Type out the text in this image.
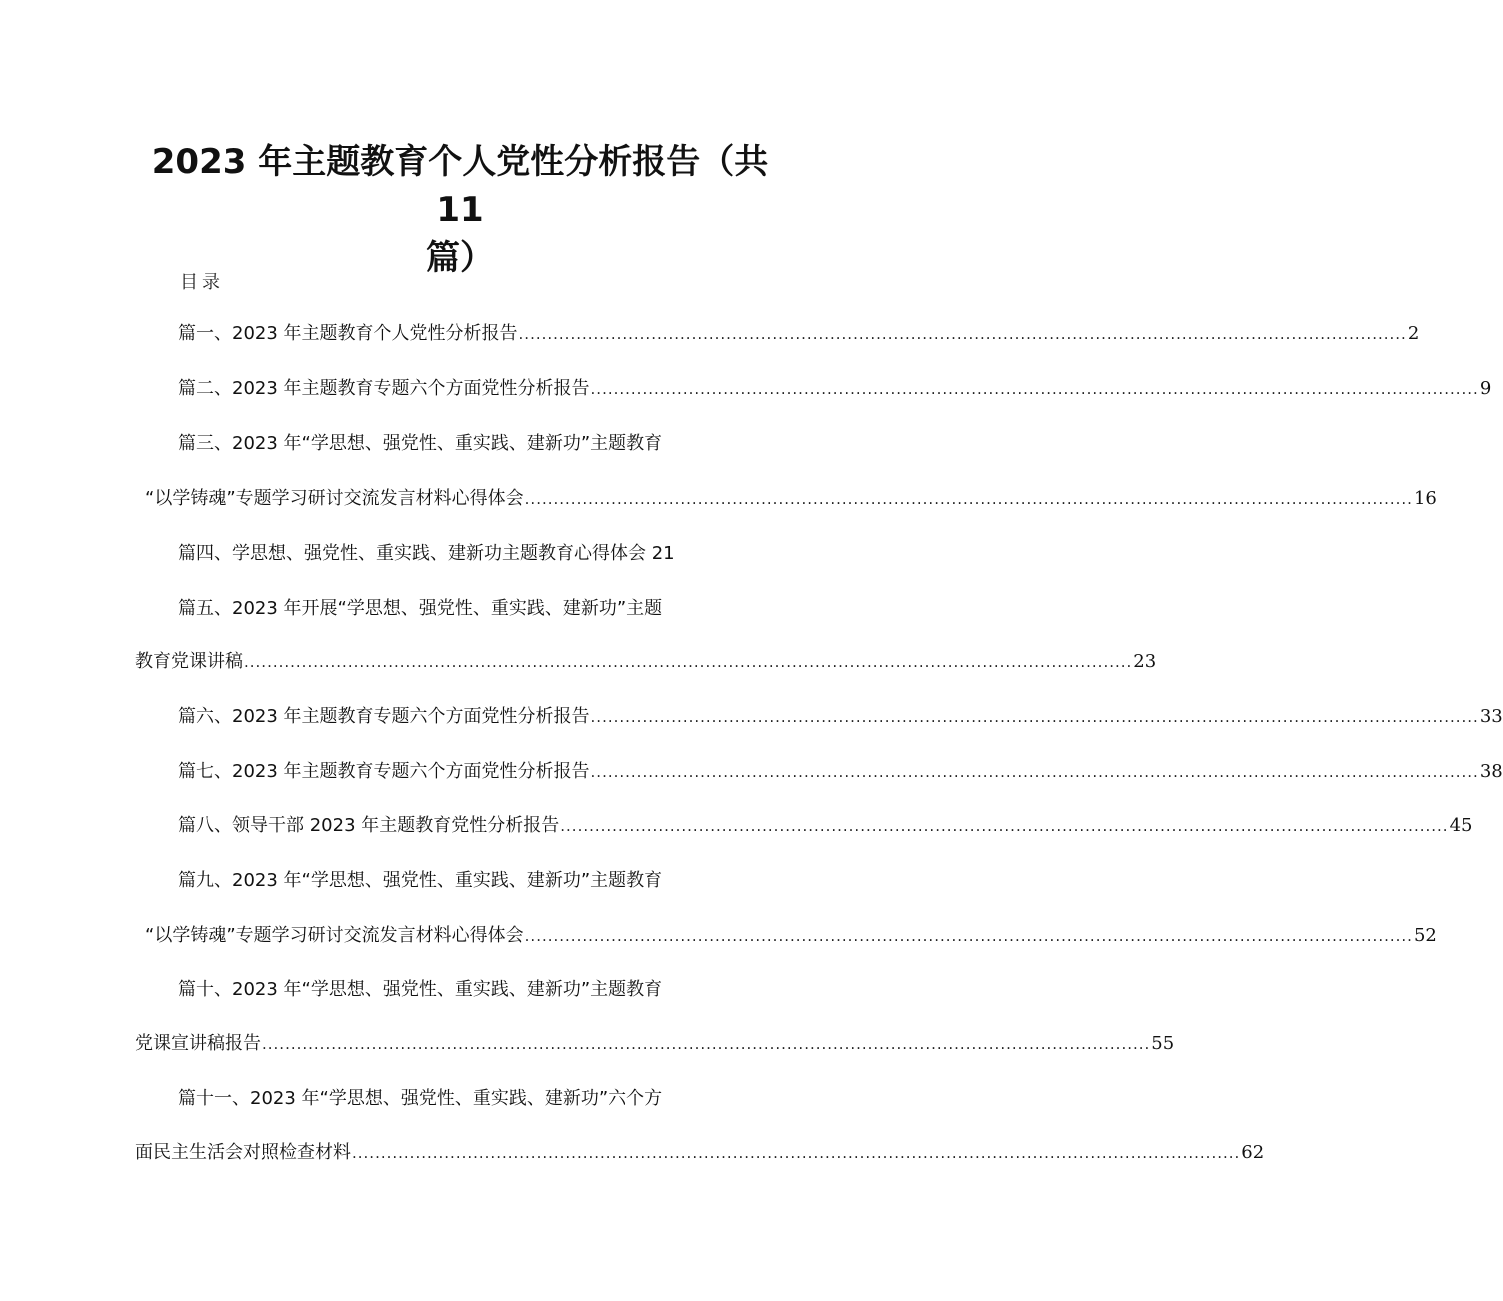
2023 年主题教育个人党性分析报告（共 11
篇）
目录
篇一、2023 年主题教育个人党性分析报告 .......................................................................................................................................................... 2
篇二、2023 年主题教育专题六个方面党性分析报告 .......................................................................................................................................................... 9
篇三、2023 年“学思想、强党性、重实践、建新功”主题教育
“以学铸魂”专题学习研讨交流发言材料心得体会 .......................................................................................................................................................... 16
篇四、学思想、强党性、重实践、建新功主题教育心得体会 21
篇五、2023 年开展“学思想、强党性、重实践、建新功”主题
教育党课讲稿 .......................................................................................................................................................... 23
篇六、2023 年主题教育专题六个方面党性分析报告 .......................................................................................................................................................... 33
篇七、2023 年主题教育专题六个方面党性分析报告 .......................................................................................................................................................... 38
篇八、领导干部 2023 年主题教育党性分析报告 .......................................................................................................................................................... 45
篇九、2023 年“学思想、强党性、重实践、建新功”主题教育
“以学铸魂”专题学习研讨交流发言材料心得体会 .......................................................................................................................................................... 52
篇十、2023 年“学思想、强党性、重实践、建新功”主题教育
党课宣讲稿报告 .......................................................................................................................................................... 55
篇十一、2023 年“学思想、强党性、重实践、建新功”六个方
面民主生活会对照检查材料 .......................................................................................................................................................... 62
